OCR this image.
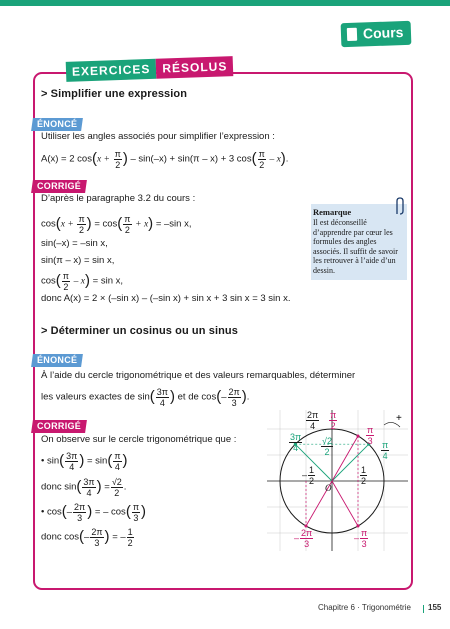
Cours
EXERCICES RÉSOLUS
> Simplifier une expression
ÉNONCÉ
Utiliser les angles associés pour simplifier l’expression :
A(x) = 2 $\cos(x + \frac{\pi}{2}$ ) – sin(–x) + sin(π – x) + 3 $\cos( \frac{\pi}{2} - x)$.
CORRIGÉ
D’après le paragraphe 3.2 du cours :
$\cos(x + \frac{\pi}{2}$ ) = $\cos( \frac{\pi}{2} + x) = -\sin$ x,
sin(–x) = –sin x,
sin(π – x) = sin x,
$\cos( \frac{\pi}{2} - x) = \sin x$,
donc A(x) = 2 × (–sin x) – (–sin x) + sin x + 3 sin x = 3 sin x.
Remarque
Il est déconseillé d’apprendre par cœur les formules des angles associés. Il suffit de savoir les retrouver à l’aide d’un dessin.
> Déterminer un cosinus ou un sinus
ÉNONCÉ
À l’aide du cercle trigonométrique et des valeurs remarquables, déterminer
les valeurs exactes de $\sin( \frac{3\pi}{4}$ ) et de $\cos(- \frac{2\pi}{3}$ ).
CORRIGÉ
On observe sur le cercle trigonométrique que :
• $\sin( \frac{3\pi}{4}$ ) = $\sin( \frac{\pi}{4}$ )
donc $\sin( \frac{3\pi}{4}$ ) = $\frac{√2}{2}$ .
• $\cos(- \frac{2\pi}{3}$ ) = – $\cos( \frac{\pi}{3}$ )
donc $\cos(- \frac{2\pi}{3}$ ) = – $\frac{1}{2}$
+
$\frac{2\pi}{4} \frac{\pi}{2}$
$\frac{\pi}{3}$
$\frac{\pi}{4}$
$\frac{3\pi}{4} \frac{√2}{2}$
– $\frac{1}{2}$	$\frac{1}{2}$
O
– $\frac{2\pi}{3}$	– $\frac{\pi}{3}$
Chapitre 6 · Trigonométrie 155
